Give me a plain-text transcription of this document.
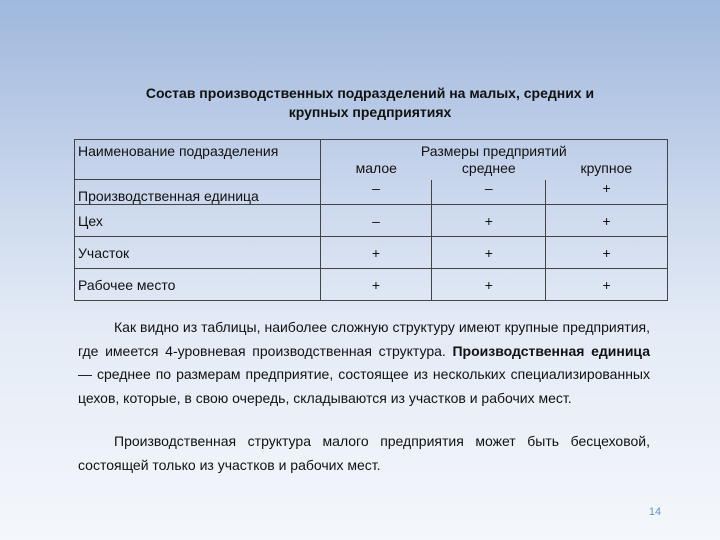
Состав производственных подразделений на малых, средних и
крупных предприятиях
Наименование подразделения	Размеры предприятий		
	малое	среднее	крупное
Производственная единица	–	–	+
Цех	–	+	+
Участок	+	+	+
Рабочее место	+	+	+
Как видно из таблицы, наиболее сложную структуру имеют крупные предприятия, где имеется 4-уровневая производственная структура. Производственная единица — среднее по размерам предприятие, состоящее из нескольких специализированных цехов, которые, в свою очередь, складываются из участков и рабочих мест.
Производственная структура малого предприятия может быть бесцеховой, состоящей только из участков и рабочих мест.
14
